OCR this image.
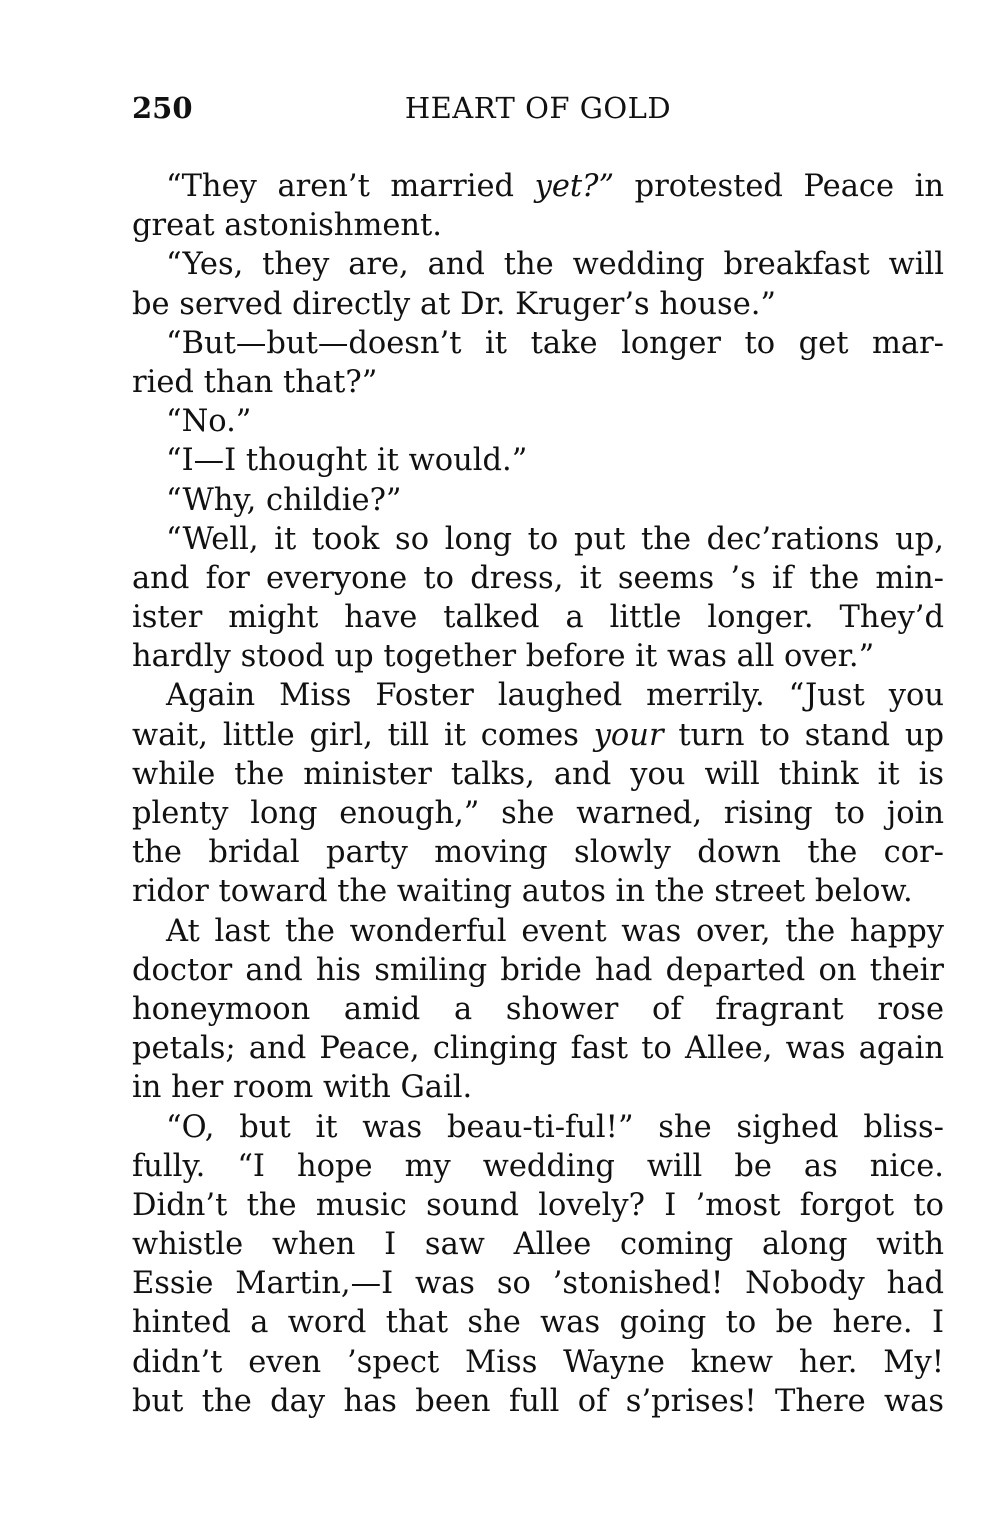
250	HEART OF GOLD

“They aren’t married yet?” protested Peace in
great astonishment.

“Yes, they are, and the wedding breakfast will
be served directly at Dr. Kruger’s house.”

“But—but—doesn’t it take longer to get mar-
ried than that?”

“No.”

“I—I thought it would.”

“Why, childie?”

“Well, it took so long to put the dec’rations up,
and for everyone to dress, it seems ’s if the min-
ister might have talked a little longer. They’d
hardly stood up together before it was all over.”

Again Miss Foster laughed merrily. “Just you
wait, little girl, till it comes your turn to stand up
while the minister talks, and you will think it is
plenty long enough,” she warned, rising to join
the bridal party moving slowly down the cor-
ridor toward the waiting autos in the street below.

At last the wonderful event was over, the happy
doctor and his smiling bride had departed on their
honeymoon amid a shower of fragrant rose
petals; and Peace, clinging fast to Allee, was again
in her room with Gail.

“O, but it was beau-ti-ful!” she sighed bliss-
fully. “I hope my wedding will be as nice.
Didn’t the music sound lovely? I ’most forgot to
whistle when I saw Allee coming along with
Essie Martin,—I was so ’stonished! Nobody had
hinted a word that she was going to be here. I
didn’t even ’spect Miss Wayne knew her. My!
but the day has been full of s’prises! There was
